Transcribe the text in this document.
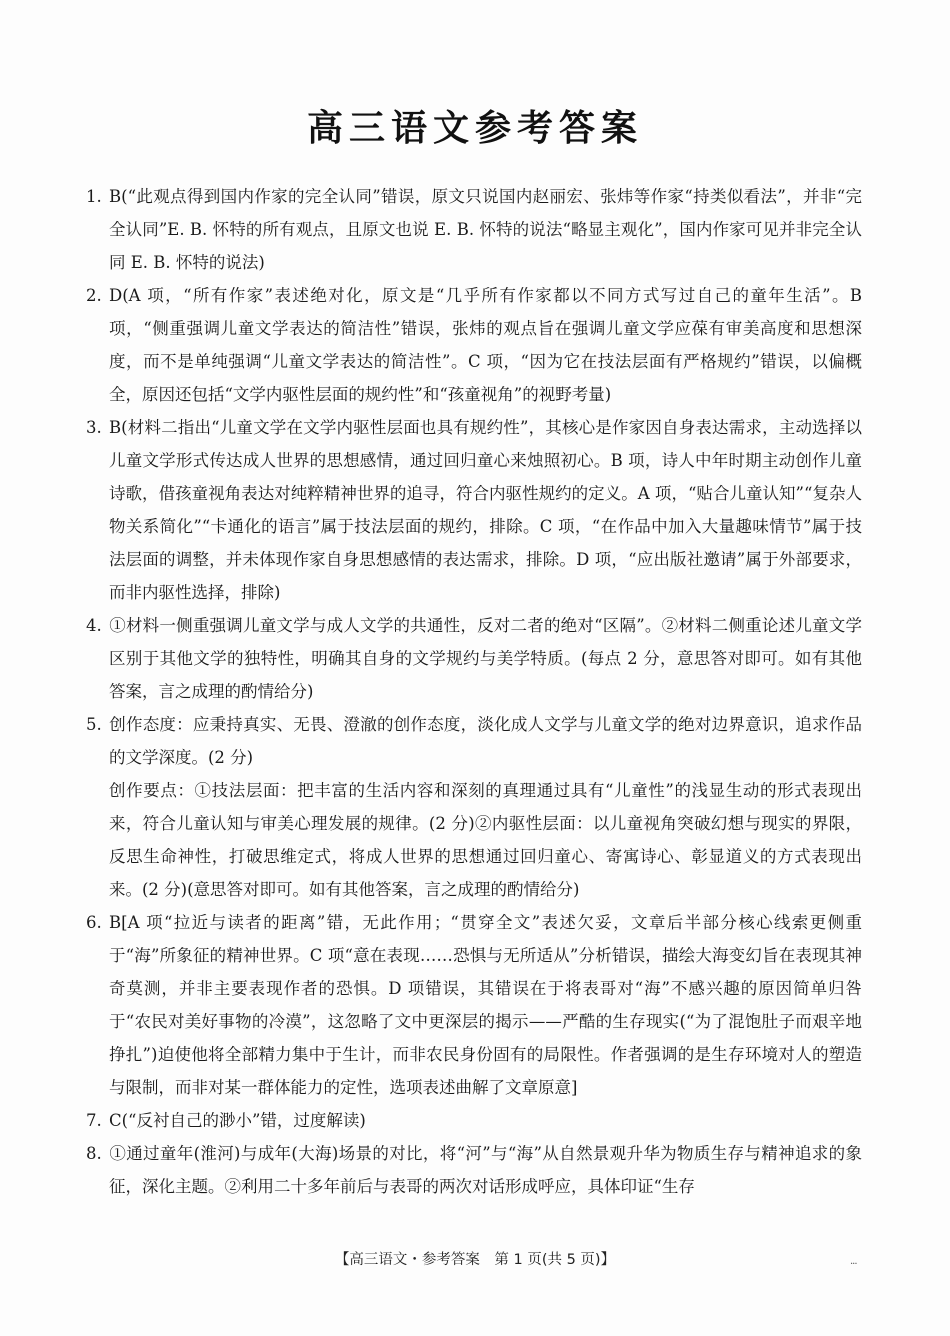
高三语文参考答案

1. B(“此观点得到国内作家的完全认同”错误，原文只说国内赵丽宏、张炜等作家“持类似看法”，并非“完全认同”E. B. 怀特的所有观点，且原文也说 E. B. 怀特的说法“略显主观化”，国内作家可见并非完全认同 E. B. 怀特的说法)

2. D(A 项，“所有作家”表述绝对化，原文是“几乎所有作家都以不同方式写过自己的童年生活”。B 项，“侧重强调儿童文学表达的简洁性”错误，张炜的观点旨在强调儿童文学应葆有审美高度和思想深度，而不是单纯强调“儿童文学表达的简洁性”。C 项，“因为它在技法层面有严格规约”错误，以偏概全，原因还包括“文学内驱性层面的规约性”和“孩童视角”的视野考量)

3. B(材料二指出“儿童文学在文学内驱性层面也具有规约性”，其核心是作家因自身表达需求，主动选择以儿童文学形式传达成人世界的思想感情，通过回归童心来烛照初心。B 项，诗人中年时期主动创作儿童诗歌，借孩童视角表达对纯粹精神世界的追寻，符合内驱性规约的定义。A 项，“贴合儿童认知”“复杂人物关系简化”“卡通化的语言”属于技法层面的规约，排除。C 项，“在作品中加入大量趣味情节”属于技法层面的调整，并未体现作家自身思想感情的表达需求，排除。D 项，“应出版社邀请”属于外部要求，而非内驱性选择，排除)

4. ①材料一侧重强调儿童文学与成人文学的共通性，反对二者的绝对“区隔”。②材料二侧重论述儿童文学区别于其他文学的独特性，明确其自身的文学规约与美学特质。(每点 2 分，意思答对即可。如有其他答案，言之成理的酌情给分)

5. 创作态度：应秉持真实、无畏、澄澈的创作态度，淡化成人文学与儿童文学的绝对边界意识，追求作品的文学深度。(2 分)

创作要点：①技法层面：把丰富的生活内容和深刻的真理通过具有“儿童性”的浅显生动的形式表现出来，符合儿童认知与审美心理发展的规律。(2 分)②内驱性层面：以儿童视角突破幻想与现实的界限，反思生命神性，打破思维定式，将成人世界的思想通过回归童心、寄寓诗心、彰显道义的方式表现出来。(2 分)(意思答对即可。如有其他答案，言之成理的酌情给分)

6. B[A 项“拉近与读者的距离”错，无此作用；“贯穿全文”表述欠妥，文章后半部分核心线索更侧重于“海”所象征的精神世界。C 项“意在表现……恐惧与无所适从”分析错误，描绘大海变幻旨在表现其神奇莫测，并非主要表现作者的恐惧。D 项错误，其错误在于将表哥对“海”不感兴趣的原因简单归咎于“农民对美好事物的冷漠”，这忽略了文中更深层的揭示——严酷的生存现实(“为了混饱肚子而艰辛地挣扎”)迫使他将全部精力集中于生计，而非农民身份固有的局限性。作者强调的是生存环境对人的塑造与限制，而非对某一群体能力的定性，选项表述曲解了文章原意]

7. C(“反衬自己的渺小”错，过度解读)

8. ①通过童年(淮河)与成年(大海)场景的对比，将“河”与“海”从自然景观升华为物质生存与精神追求的象征，深化主题。②利用二十多年前后与表哥的两次对话形成呼应，具体印证“生存

【高三语文・参考答案　第 1 页(共 5 页)】	...
